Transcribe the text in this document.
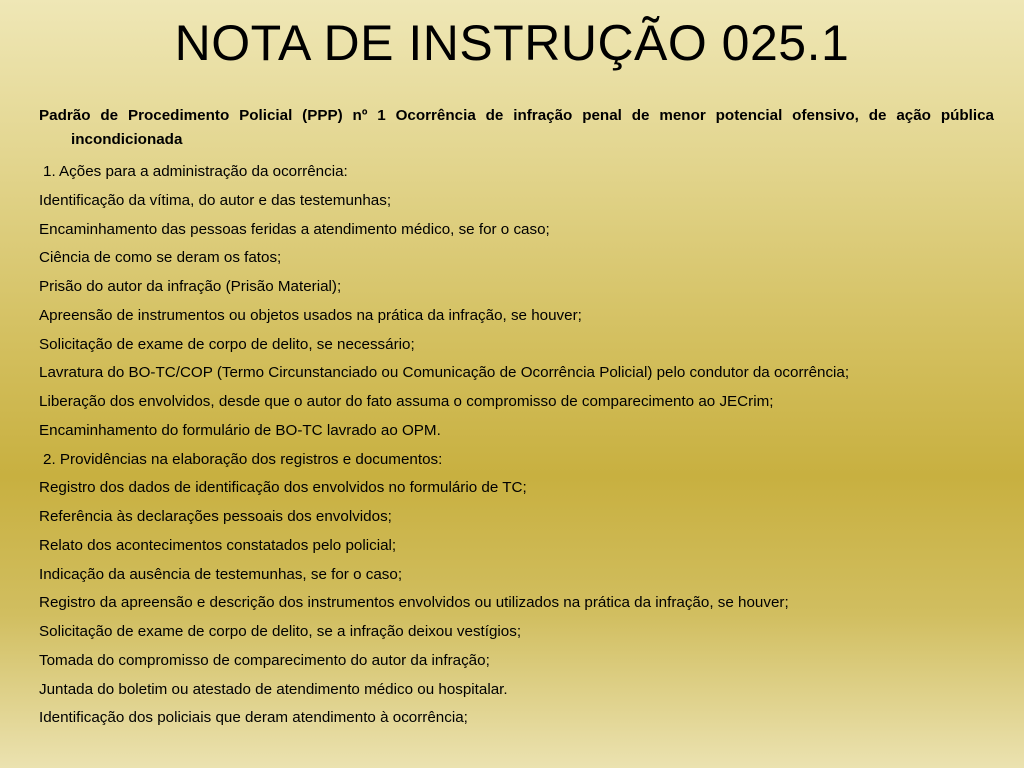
NOTA DE INSTRUÇÃO 025.1

Padrão de Procedimento Policial (PPP) nº 1 Ocorrência de infração penal de menor potencial ofensivo, de ação pública incondicionada

1. Ações para a administração da ocorrência:

Identificação da vítima, do autor e das testemunhas;

Encaminhamento das pessoas feridas a atendimento médico, se for o caso;

Ciência de como se deram os fatos;

Prisão do autor da infração (Prisão Material);

Apreensão de instrumentos ou objetos usados na prática da infração, se houver;

Solicitação de exame de corpo de delito, se necessário;

Lavratura do BO-TC/COP (Termo Circunstanciado ou Comunicação de Ocorrência Policial) pelo condutor da ocorrência;

Liberação dos envolvidos, desde que o autor do fato assuma o compromisso de comparecimento ao JECrim;

Encaminhamento do formulário de BO-TC lavrado ao OPM.

2. Providências na elaboração dos registros e documentos:

Registro dos dados de identificação dos envolvidos no formulário de TC;

Referência às declarações pessoais dos envolvidos;

Relato dos acontecimentos constatados pelo policial;

Indicação da ausência de testemunhas, se for o caso;

Registro da apreensão e descrição dos instrumentos envolvidos ou utilizados na prática da infração, se houver;

Solicitação de exame de corpo de delito, se a infração deixou vestígios;

Tomada do compromisso de comparecimento do autor da infração;

Juntada do boletim ou atestado de atendimento médico ou hospitalar.

Identificação dos policiais que deram atendimento à ocorrência;
